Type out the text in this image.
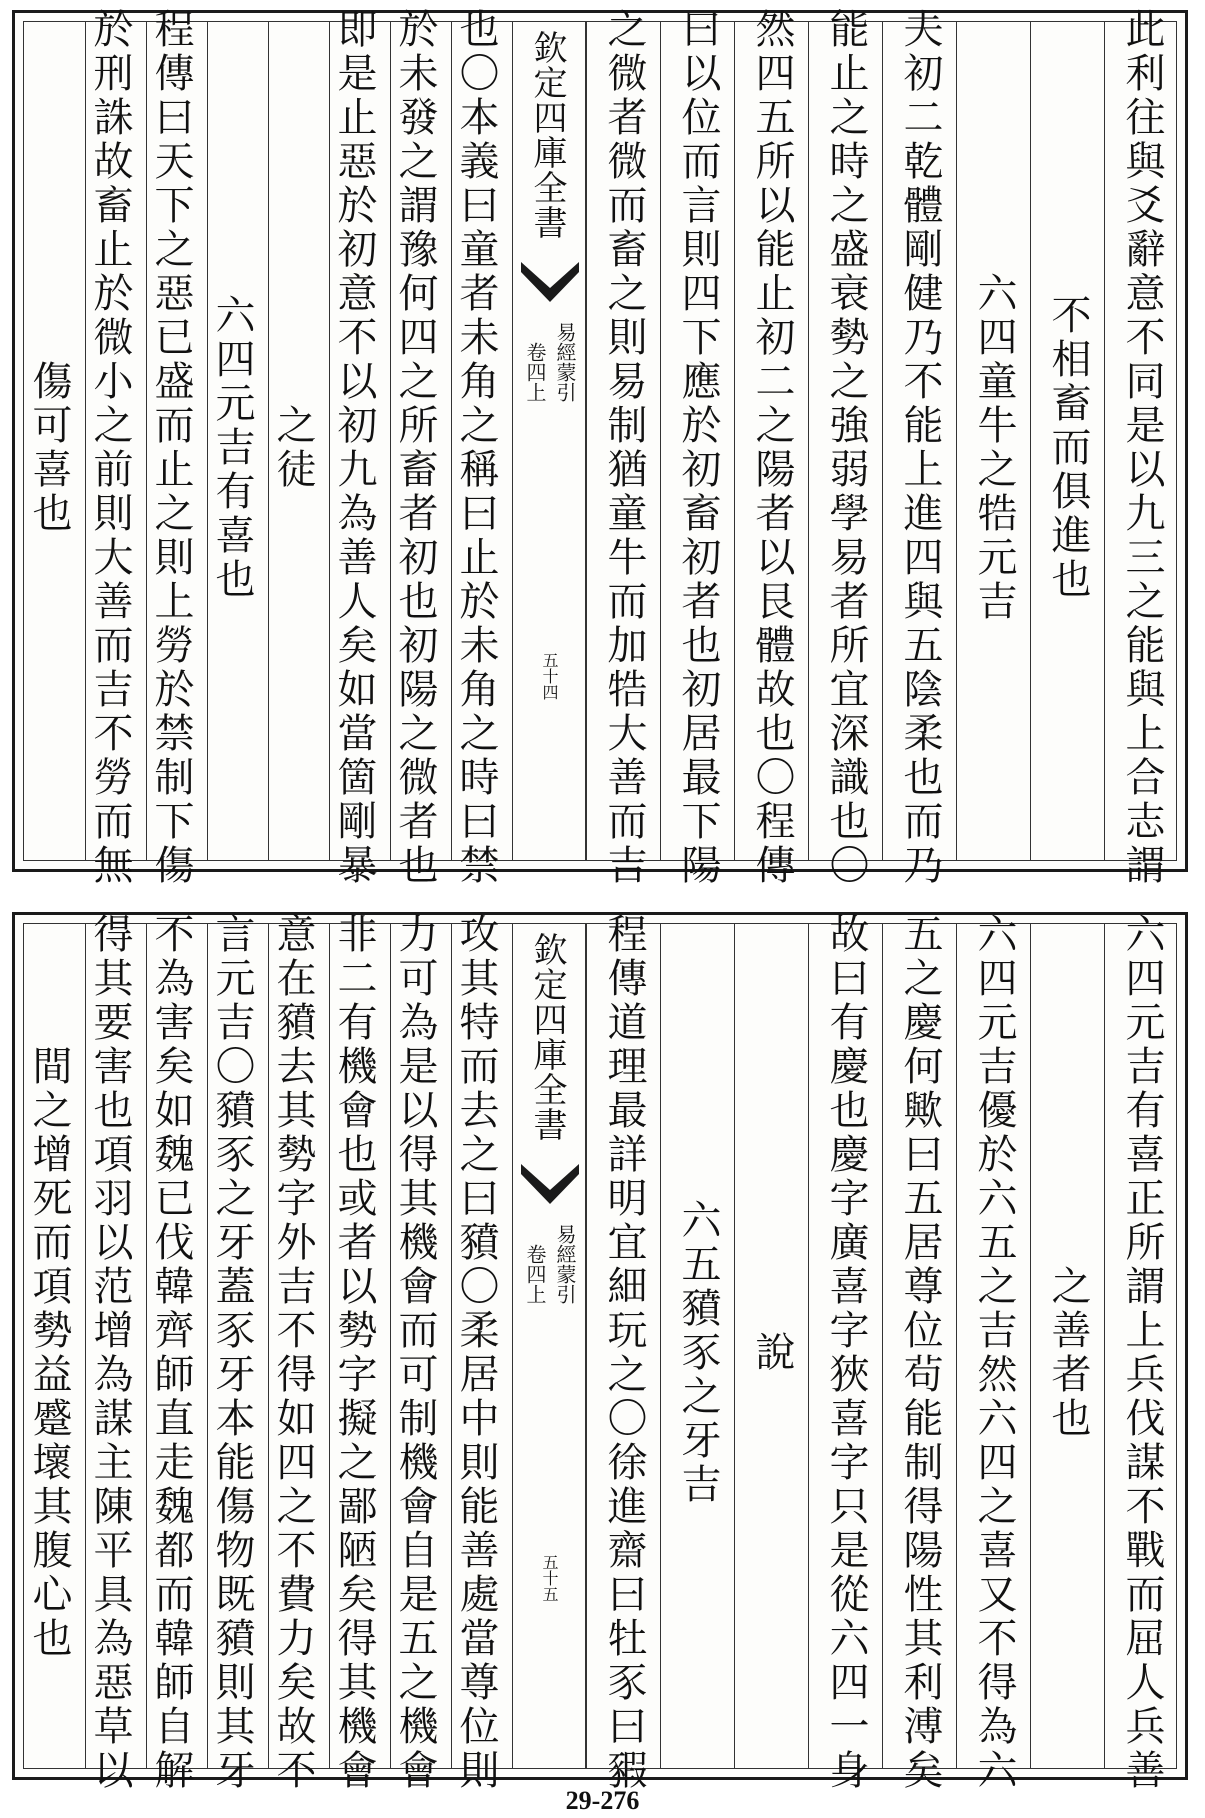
此利往與爻辭意不同是以九三之能與上合志謂
不相畜而俱進也
六四童牛之牿元吉
夫初二乾體剛健乃不能上進四與五陰柔也而乃
能止之時之盛衰勢之強弱學易者所宜深識也〇
然四五所以能止初二之陽者以艮體故也〇程傳
曰以位而言則四下應於初畜初者也初居最下陽
之微者微而畜之則易制猶童牛而加牿大善而吉
欽定四庫全書
易經蒙引
卷四上
五十四
也〇本義曰童者未角之稱曰止於未角之時曰禁
於未發之謂豫何四之所畜者初也初陽之微者也
即是止惡於初意不以初九為善人矣如當箇剛暴
之徒
六四元吉有喜也
程傳曰天下之惡已盛而止之則上勞於禁制下傷
於刑誅故畜止於微小之前則大善而吉不勞而無
傷可喜也
六四元吉有喜正所謂上兵伐謀不戰而屈人兵善
之善者也
六四元吉優於六五之吉然六四之喜又不得為六
五之慶何歟曰五居尊位茍能制得陽性其利溥矣
故曰有慶也慶字廣喜字狹喜字只是從六四一身
說
六五豶豕之牙吉
程傳道理最詳明宜細玩之〇徐進齋曰牡豕曰豭
欽定四庫全書
易經蒙引
卷四上
五十五
攻其特而去之曰豶〇柔居中則能善處當尊位則
力可為是以得其機會而可制機會自是五之機會
非二有機會也或者以勢字擬之鄙陋矣得其機會
意在豶去其勢字外吉不得如四之不費力矣故不
言元吉〇豶豕之牙蓋豕牙本能傷物既豶則其牙
不為害矣如魏已伐韓齊師直走魏都而韓師自解
得其要害也項羽以范增為謀主陳平具為惡草以
間之增死而項勢益蹙壞其腹心也
29-276
